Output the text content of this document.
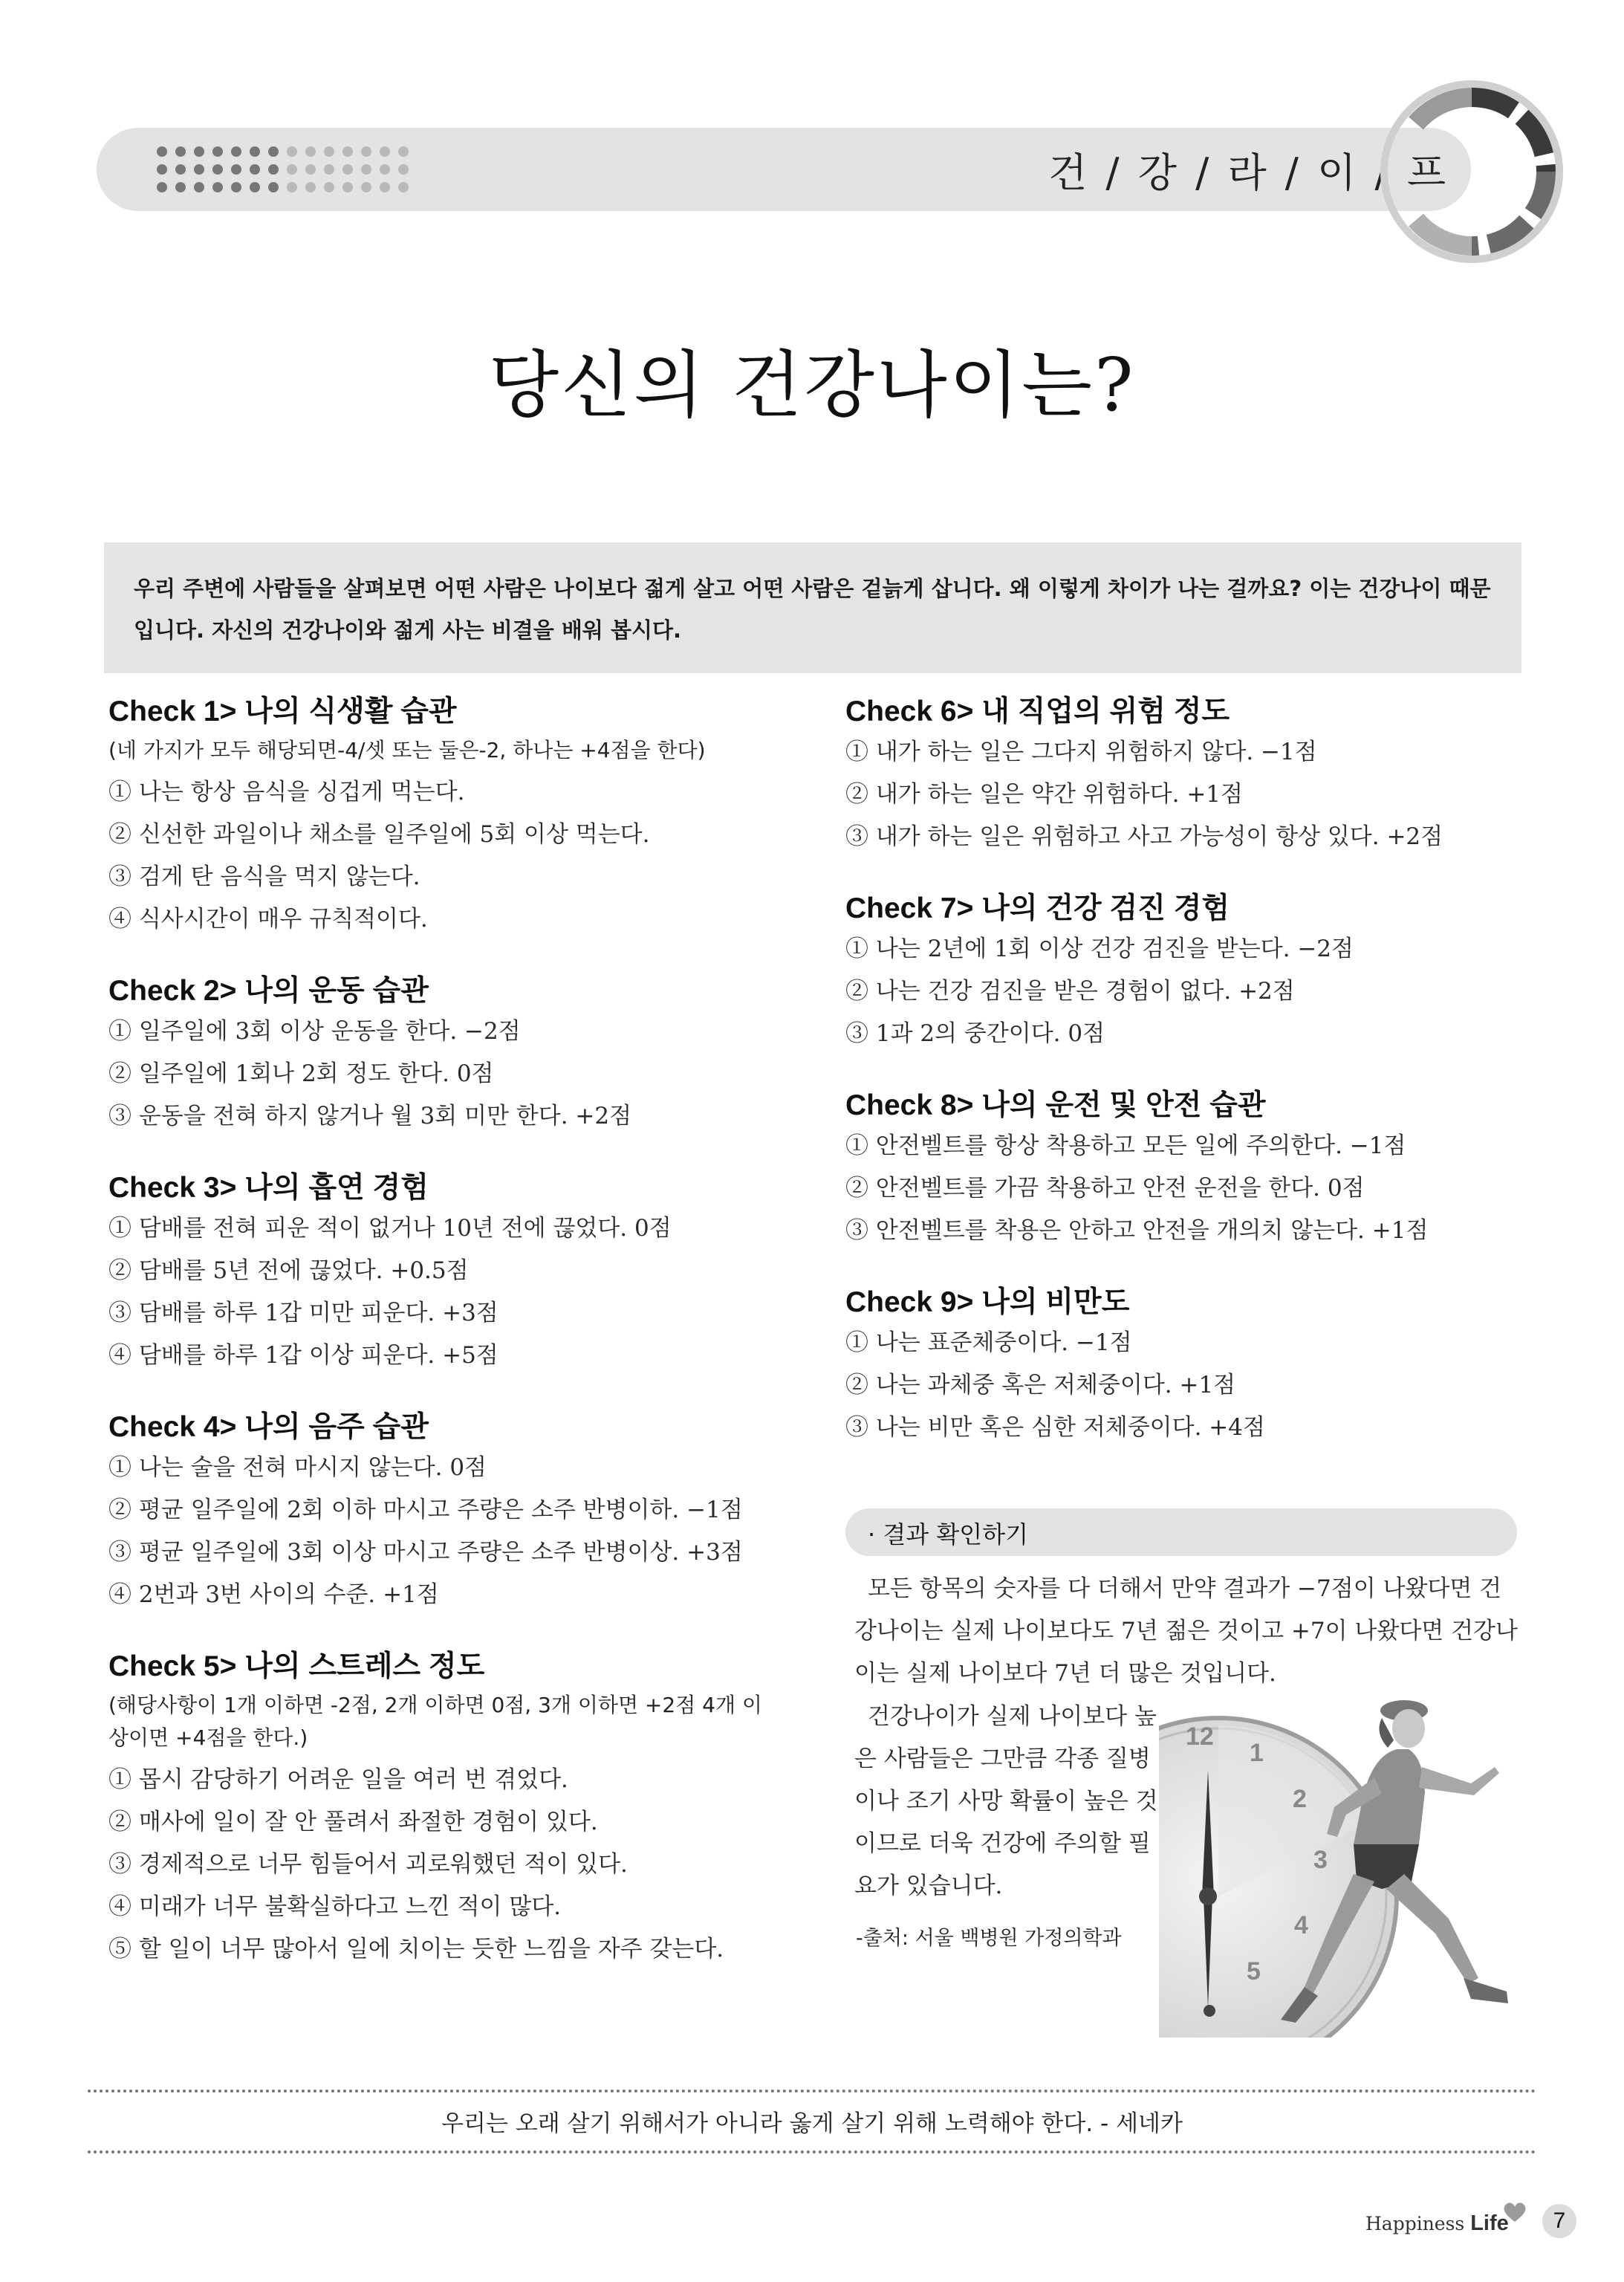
건 / 강 / 라 / 이 / 프
당신의 건강나이는?
우리 주변에 사람들을 살펴보면 어떤 사람은 나이보다 젊게 살고 어떤 사람은 겉늙게 삽니다. 왜 이렇게 차이가 나는 걸까요? 이는 건강나이 때문입니다. 자신의 건강나이와 젊게 사는 비결을 배워 봅시다.

Check 1> 나의 식생활 습관

(네 가지가 모두 해당되면-4/셋 또는 둘은-2, 하나는 +4점을 한다)

① 나는 항상 음식을 싱겁게 먹는다.

② 신선한 과일이나 채소를 일주일에 5회 이상 먹는다.

③ 검게 탄 음식을 먹지 않는다.

④ 식사시간이 매우 규칙적이다.

Check 2> 나의 운동 습관

① 일주일에 3회 이상 운동을 한다. −2점

② 일주일에 1회나 2회 정도 한다. 0점

③ 운동을 전혀 하지 않거나 월 3회 미만 한다. +2점

Check 3> 나의 흡연 경험

① 담배를 전혀 피운 적이 없거나 10년 전에 끊었다. 0점

② 담배를 5년 전에 끊었다. +0.5점

③ 담배를 하루 1갑 미만 피운다. +3점

④ 담배를 하루 1갑 이상 피운다. +5점

Check 4> 나의 음주 습관

① 나는 술을 전혀 마시지 않는다. 0점

② 평균 일주일에 2회 이하 마시고 주량은 소주 반병이하. −1점

③ 평균 일주일에 3회 이상 마시고 주량은 소주 반병이상. +3점

④ 2번과 3번 사이의 수준. +1점

Check 5> 나의 스트레스 정도

(해당사항이 1개 이하면 -2점, 2개 이하면 0점, 3개 이하면 +2점 4개 이상이면 +4점을 한다.)

① 몹시 감당하기 어려운 일을 여러 번 겪었다.

② 매사에 일이 잘 안 풀려서 좌절한 경험이 있다.

③ 경제적으로 너무 힘들어서 괴로워했던 적이 있다.

④ 미래가 너무 불확실하다고 느낀 적이 많다.

⑤ 할 일이 너무 많아서 일에 치이는 듯한 느낌을 자주 갖는다.

Check 6> 내 직업의 위험 정도

① 내가 하는 일은 그다지 위험하지 않다. −1점

② 내가 하는 일은 약간 위험하다. +1점

③ 내가 하는 일은 위험하고 사고 가능성이 항상 있다. +2점

Check 7> 나의 건강 검진 경험

① 나는 2년에 1회 이상 건강 검진을 받는다. −2점

② 나는 건강 검진을 받은 경험이 없다. +2점

③ 1과 2의 중간이다. 0점

Check 8> 나의 운전 및 안전 습관

① 안전벨트를 항상 착용하고 모든 일에 주의한다. −1점

② 안전벨트를 가끔 착용하고 안전 운전을 한다. 0점

③ 안전벨트를 착용은 안하고 안전을 개의치 않는다. +1점

Check 9> 나의 비만도

① 나는 표준체중이다. −1점

② 나는 과체중 혹은 저체중이다. +1점

③ 나는 비만 혹은 심한 저체중이다. +4점

· 결과 확인하기
모든 항목의 숫자를 다 더해서 만약 결과가 −7점이 나왔다면 건강나이는 실제 나이보다도 7년 젊은 것이고 +7이 나왔다면 건강나이는 실제 나이보다 7년 더 많은 것입니다.
건강나이가 실제 나이보다 높은 사람들은 그만큼 각종 질병이나 조기 사망 확률이 높은 것이므로 더욱 건강에 주의할 필요가 있습니다.
-출처: 서울 백병원 가정의학과
12
1
2
3
4
5
우리는 오래 살기 위해서가 아니라 옳게 살기 위해 노력해야 한다. - 세네카
Happiness Life	7
